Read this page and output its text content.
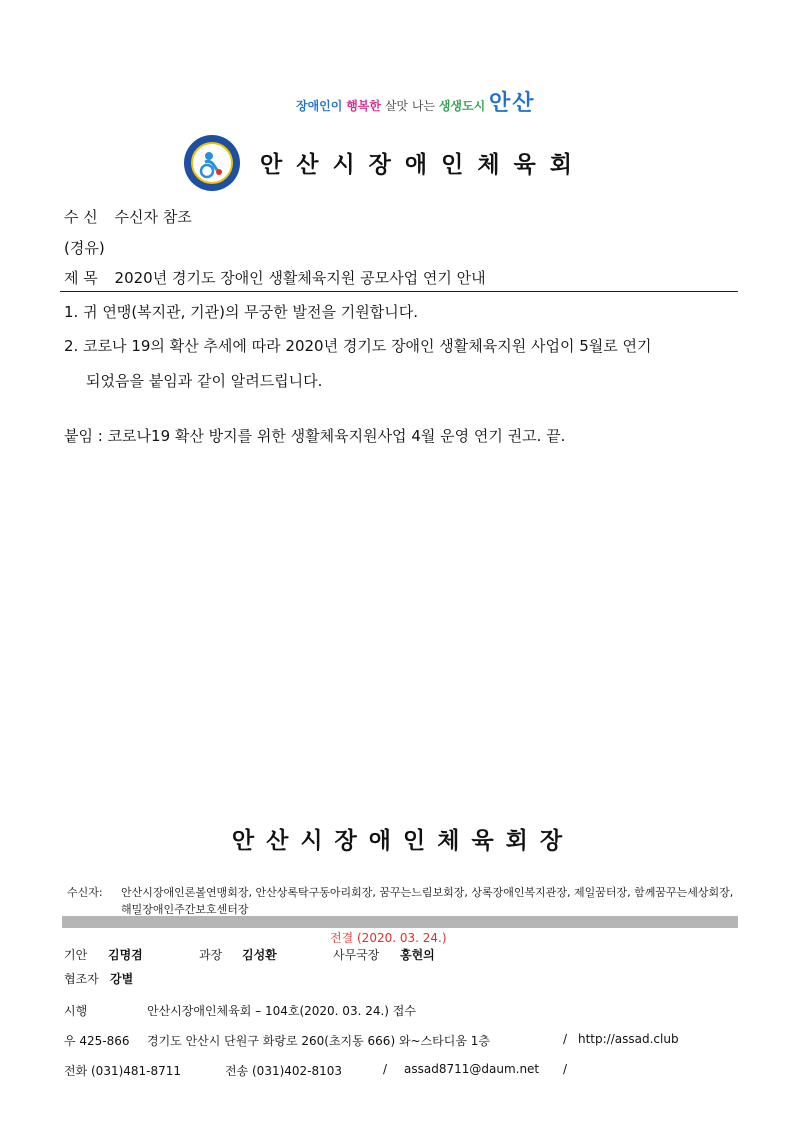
장애인이 행복한 살맛 나는 생생도시 안산
안산시장애인체육회
수 신 수신자 참조
(경유)
제 목 2020년 경기도 장애인 생활체육지원 공모사업 연기 안내
1. 귀 연맹(복지관, 기관)의 무궁한 발전을 기원합니다.
2. 코로나 19의 확산 추세에 따라 2020년 경기도 장애인 생활체육지원 사업이 5월로 연기
되었음을 붙임과 같이 알려드립니다.
붙임 : 코로나19 확산 방지를 위한 생활체육지원사업 4월 운영 연기 권고. 끝.
안산시장애인체육회장
수신자: 안산시장애인론볼연맹회장, 안산상록탁구동아리회장, 꿈꾸는느림보회장, 상록장애인복지관장, 제일꿈터장, 함께꿈꾸는세상회장, 해밀장애인주간보호센터장
전결 (2020. 03. 24.)
기안 김명겸	과장 김성환	사무국장 홍현의
협조자 강별
시행	안산시장애인체육회 – 104호(2020. 03. 24.) 접수
우 425-866 경기도 안산시 단원구 화랑로 260(초지동 666) 와~스타디움 1층	/ http://assad.club
전화 (031)481-8711	전송 (031)402-8103	/ assad8711@daum.net /
